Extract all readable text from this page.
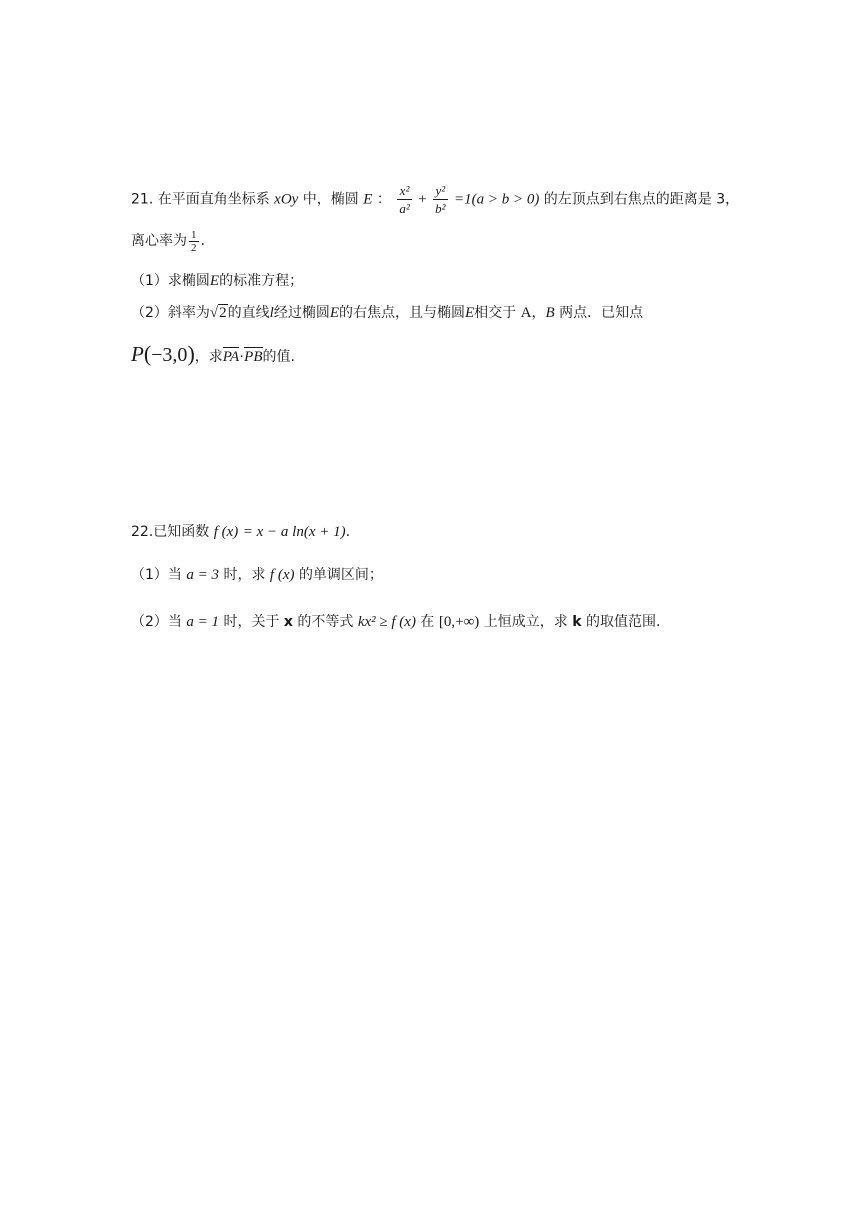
21. 在平面直角坐标系 xOy 中，椭圆 E ： $\frac{\text{x²}}{\text{a²}} + \frac{\text{y²}}{\text{b²}} =1(a > b > 0)$ 的左顶点到右焦点的距离是 3，
离心率为 $\frac{1}{2}$ .
（1）求椭圆E的标准方程；
（2）斜率为√2的直线l经过椭圆E的右焦点，且与椭圆E相交于 A，B 两点．已知点
P(−3,0)，求PA·PB的值.
22.已知函数 f (x) = x − a ln(x + 1).
（1）当 a = 3 时，求 f (x) 的单调区间；
（2）当 a = 1 时，关于 x 的不等式 kx² ≥ f (x) 在 [0,+∞) 上恒成立，求 k 的取值范围.
